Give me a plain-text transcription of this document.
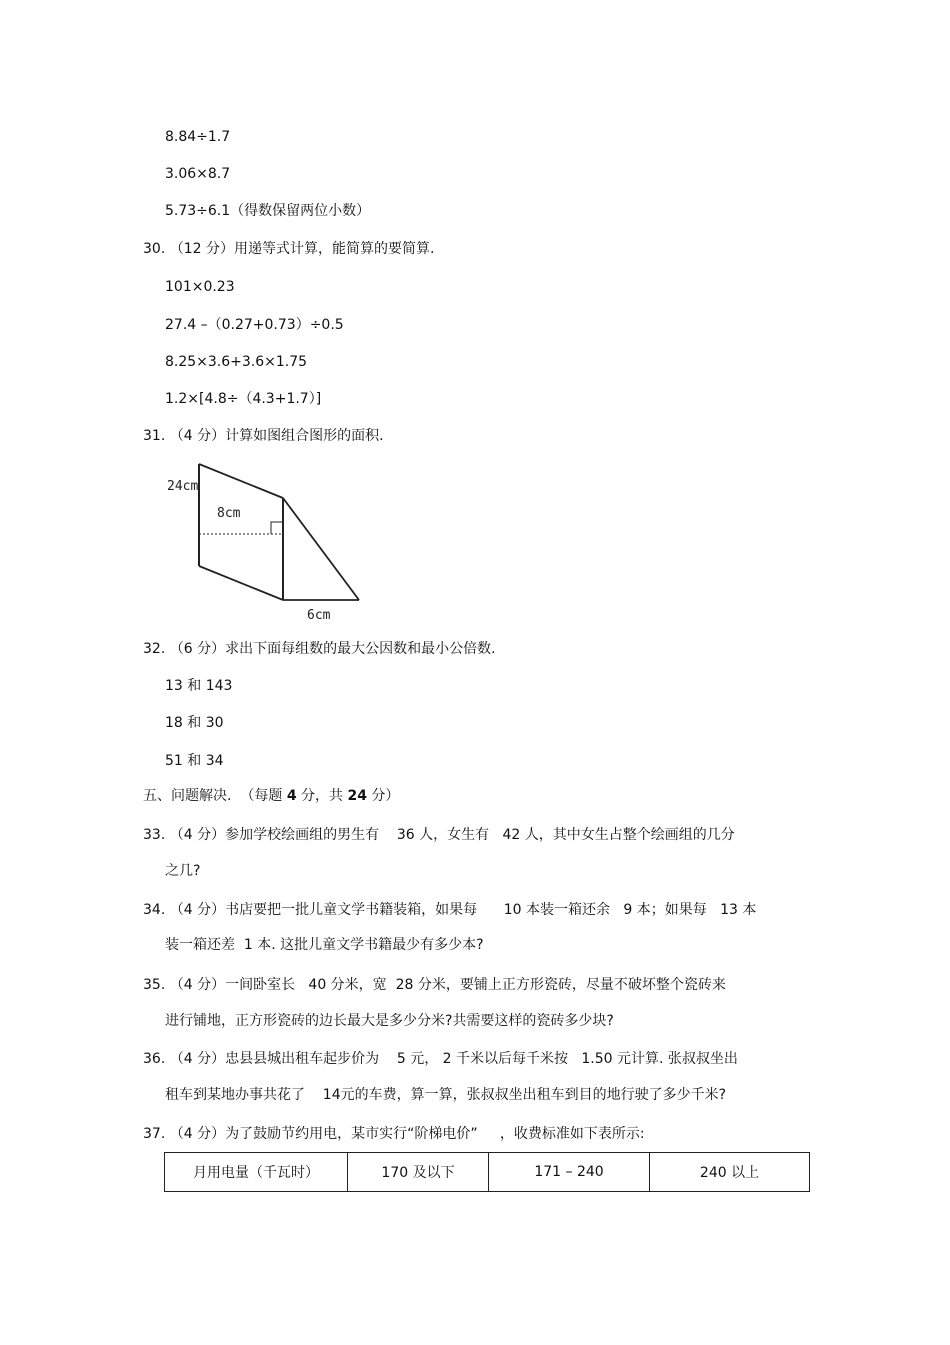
8.84÷1.7
3.06×8.7
5.73÷6.1（得数保留两位小数）
30. （12 分）用递等式计算，能简算的要简算.
101×0.23
27.4 –（0.27+0.73）÷0.5
8.25×3.6+3.6×1.75
1.2×[4.8÷（4.3+1.7）]
31. （4 分）计算如图组合图形的面积.
24cm
8cm
6cm
32. （6 分）求出下面每组数的最大公因数和最小公倍数.
13 和 143
18 和 30
51 和 34
五、问题解决.  （每题 4 分，共 24 分）
33. （4 分）参加学校绘画组的男生有    36 人，女生有   42 人，其中女生占整个绘画组的几分
之几?
34. （4 分）书店要把一批儿童文学书籍装箱，如果每      10 本装一箱还余   9 本；如果每   13 本
装一箱还差  1 本. 这批儿童文学书籍最少有多少本?
35. （4 分）一间卧室长   40 分米，宽  28 分米，要铺上正方形瓷砖，尽量不破坏整个瓷砖来
进行铺地，正方形瓷砖的边长最大是多少分米?共需要这样的瓷砖多少块?
36. （4 分）忠县县城出租车起步价为    5 元， 2 千米以后每千米按   1.50 元计算. 张叔叔坐出
租车到某地办事共花了    14元的车费，算一算，张叔叔坐出租车到目的地行驶了多少千米?
37. （4 分）为了鼓励节约用电，某市实行“阶梯电价”     ，收费标准如下表所示:
月用电量（千瓦时）	170 及以下	171 – 240	240 以上
